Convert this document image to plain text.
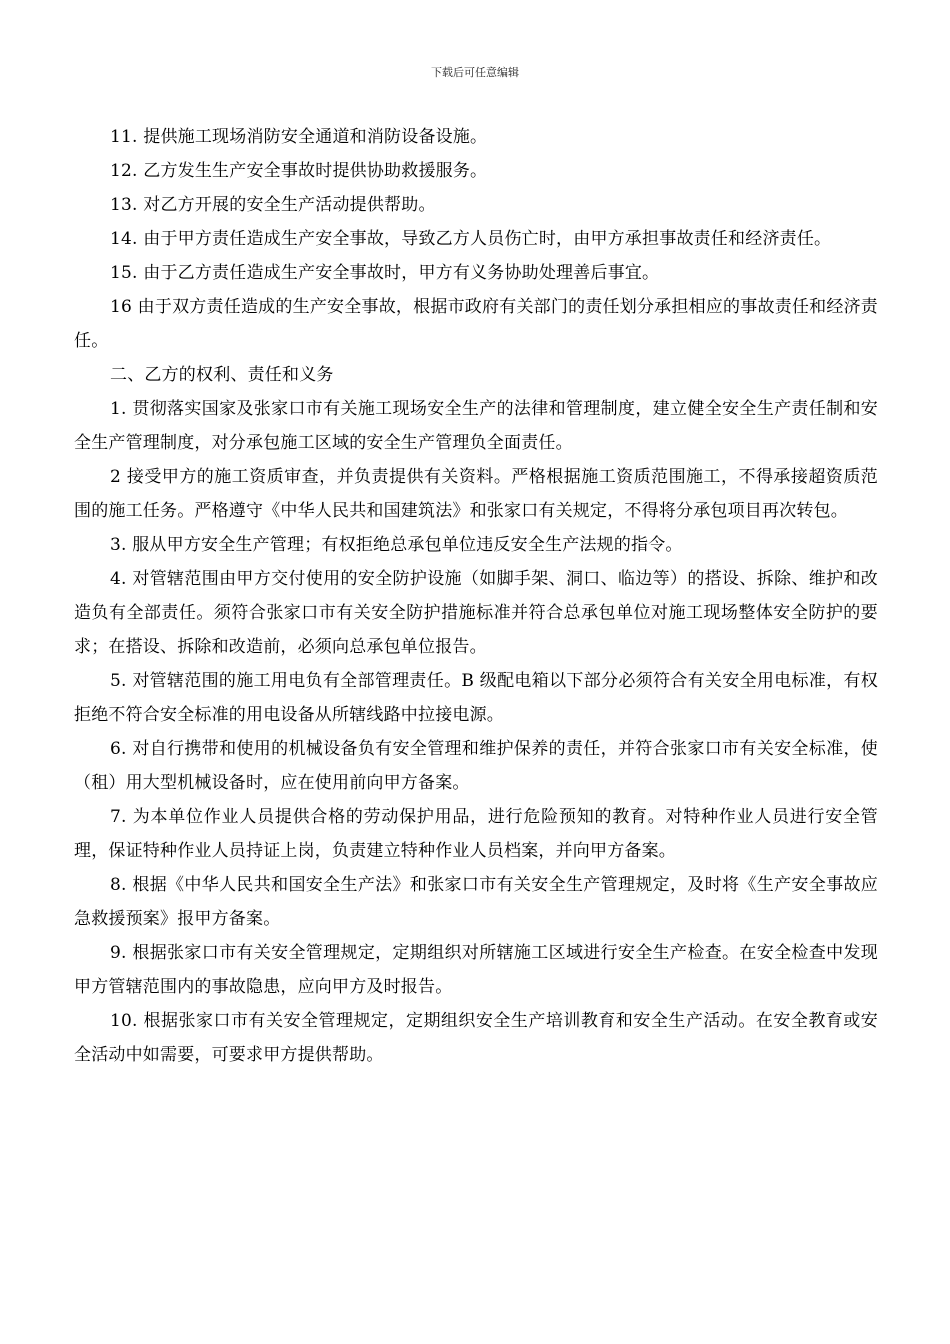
下载后可任意编辑

11. 提供施工现场消防安全通道和消防设备设施。

12. 乙方发生生产安全事故时提供协助救援服务。

13. 对乙方开展的安全生产活动提供帮助。

14. 由于甲方责任造成生产安全事故，导致乙方人员伤亡时，由甲方承担事故责任和经济责任。

15. 由于乙方责任造成生产安全事故时，甲方有义务协助处理善后事宜。

16 由于双方责任造成的生产安全事故，根据市政府有关部门的责任划分承担相应的事故责任和经济责任。

二、乙方的权利、责任和义务

1. 贯彻落实国家及张家口市有关施工现场安全生产的法律和管理制度，建立健全安全生产责任制和安全生产管理制度，对分承包施工区域的安全生产管理负全面责任。

2 接受甲方的施工资质审查，并负责提供有关资料。严格根据施工资质范围施工，不得承接超资质范围的施工任务。严格遵守《中华人民共和国建筑法》和张家口有关规定，不得将分承包项目再次转包。

3. 服从甲方安全生产管理；有权拒绝总承包单位违反安全生产法规的指令。

4. 对管辖范围由甲方交付使用的安全防护设施（如脚手架、洞口、临边等）的搭设、拆除、维护和改造负有全部责任。须符合张家口市有关安全防护措施标准并符合总承包单位对施工现场整体安全防护的要求；在搭设、拆除和改造前，必须向总承包单位报告。

5. 对管辖范围的施工用电负有全部管理责任。B 级配电箱以下部分必须符合有关安全用电标准，有权拒绝不符合安全标准的用电设备从所辖线路中拉接电源。

6. 对自行携带和使用的机械设备负有安全管理和维护保养的责任，并符合张家口市有关安全标准，使（租）用大型机械设备时，应在使用前向甲方备案。

7. 为本单位作业人员提供合格的劳动保护用品，进行危险预知的教育。对特种作业人员进行安全管理，保证特种作业人员持证上岗，负责建立特种作业人员档案，并向甲方备案。

8. 根据《中华人民共和国安全生产法》和张家口市有关安全生产管理规定，及时将《生产安全事故应急救援预案》报甲方备案。

9. 根据张家口市有关安全管理规定，定期组织对所辖施工区域进行安全生产检查。在安全检查中发现甲方管辖范围内的事故隐患，应向甲方及时报告。

10. 根据张家口市有关安全管理规定，定期组织安全生产培训教育和安全生产活动。在安全教育或安全活动中如需要，可要求甲方提供帮助。
